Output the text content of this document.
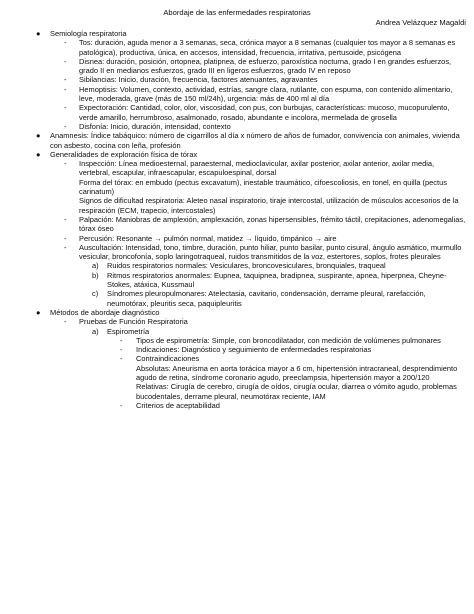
Abordaje de las enfermedades respiratorias
Andrea Velázquez Magaldi
● Semiología respiratoria
- Tos: duración, aguda menor a 3 semanas, seca, crónica mayor a 8 semanas (cualquier tos mayor a 8 semanas es patológica), productiva, única, en accesos, intensidad, frecuencia, irritativa, pertusoide, psicógena
- Disnea: duración, posición, ortopnea, platipnea, de esfuerzo, paroxística nocturna, grado I en grandes esfuerzos, grado II en medianos esfuerzos, grado III en ligeros esfuerzos, grado IV en reposo
- Sibilancias: Inicio, duración, frecuencia, factores atenuantes, agravantes
- Hemoptisis: Volumen, contexto, actividad, estrías, sangre clara, rutilante, con espuma, con contenido alimentario, leve, moderada, grave (más de 150 ml/24h), urgencia: más de 400 ml al día
- Expectoración: Cantidad, color, olor, viscosidad, con pus, con burbujas, características: mucoso, mucopurulento, verde amarillo, herrumbroso, asalmonado, rosado, abundante e incolora, mermelada de grosella
- Disfonía: Inicio, duración, intensidad, contexto
● Anamnesis: Índice tabáquico: número de cigarrillos al día x número de años de fumador, convivencia con animales, vivienda con asbesto, cocina con leña, profesión
● Generalidades de exploración física de tórax
- Inspección: Línea medioesternal, paraesternal, medioclavicular, axilar posterior, axilar anterior, axilar media, vertebral, escapular, infraescapular, escapuloespinal, dorsal
Forma del tórax: en embudo (pectus excavatum), inestable traumático, cifoescoliosis, en tonel, en quilla (pectus carinatum)
Signos de dificultad respiratoria: Aleteo nasal inspiratorio, tiraje intercostal, utilización de músculos accesorios de la respiración (ECM, trapecio, intercostales)
- Palpación: Maniobras de amplexión, amplexación, zonas hipersensibles, frémito táctil, crepitaciones, adenomegalias, tórax óseo
- Percusión: Resonante → pulmón normal, matidez → líquido, timpánico → aire
- Auscultación: Intensidad, tono, timbre, duración, punto hiliar, punto basilar, punto cisural, ángulo asmático, murmullo vesicular, broncofonía, soplo laringotraqueal, ruidos transmitidos de la voz, estertores, soplos, frotes pleurales
a) Ruidos respiratorios normales: Vesiculares, broncovesiculares, bronquiales, traqueal
b) Ritmos respiratorios anormales: Eupnea, taquipnea, bradipnea, suspirante, apnea, hiperpnea, Cheyne-Stokes, atáxica, Kussmaul
c) Síndromes pleuropulmonares: Atelectasia, cavitario, condensación, derrame pleural, rarefacción, neumotórax, pleuritis seca, paquipleuritis
● Métodos de abordaje diagnóstico
- Pruebas de Función Respiratoria
a) Espirometría
- Tipos de espirometría: Simple, con broncodilatador, con medición de volúmenes pulmonares
- Indicaciones: Diagnóstico y seguimiento de enfermedades respiratorias
- Contraindicaciones
Absolutas: Aneurisma en aorta torácica mayor a 6 cm, hipertensión intracraneal, desprendimiento agudo de retina, síndrome coronario agudo, preeclampsia, hipertensión mayor a 200/120
Relativas: Cirugía de cerebro, cirugía de oídos, cirugía ocular, diarrea o vómito agudo, problemas bucodentales, derrame pleural, neumotórax reciente, IAM
- Criterios de aceptabilidad
